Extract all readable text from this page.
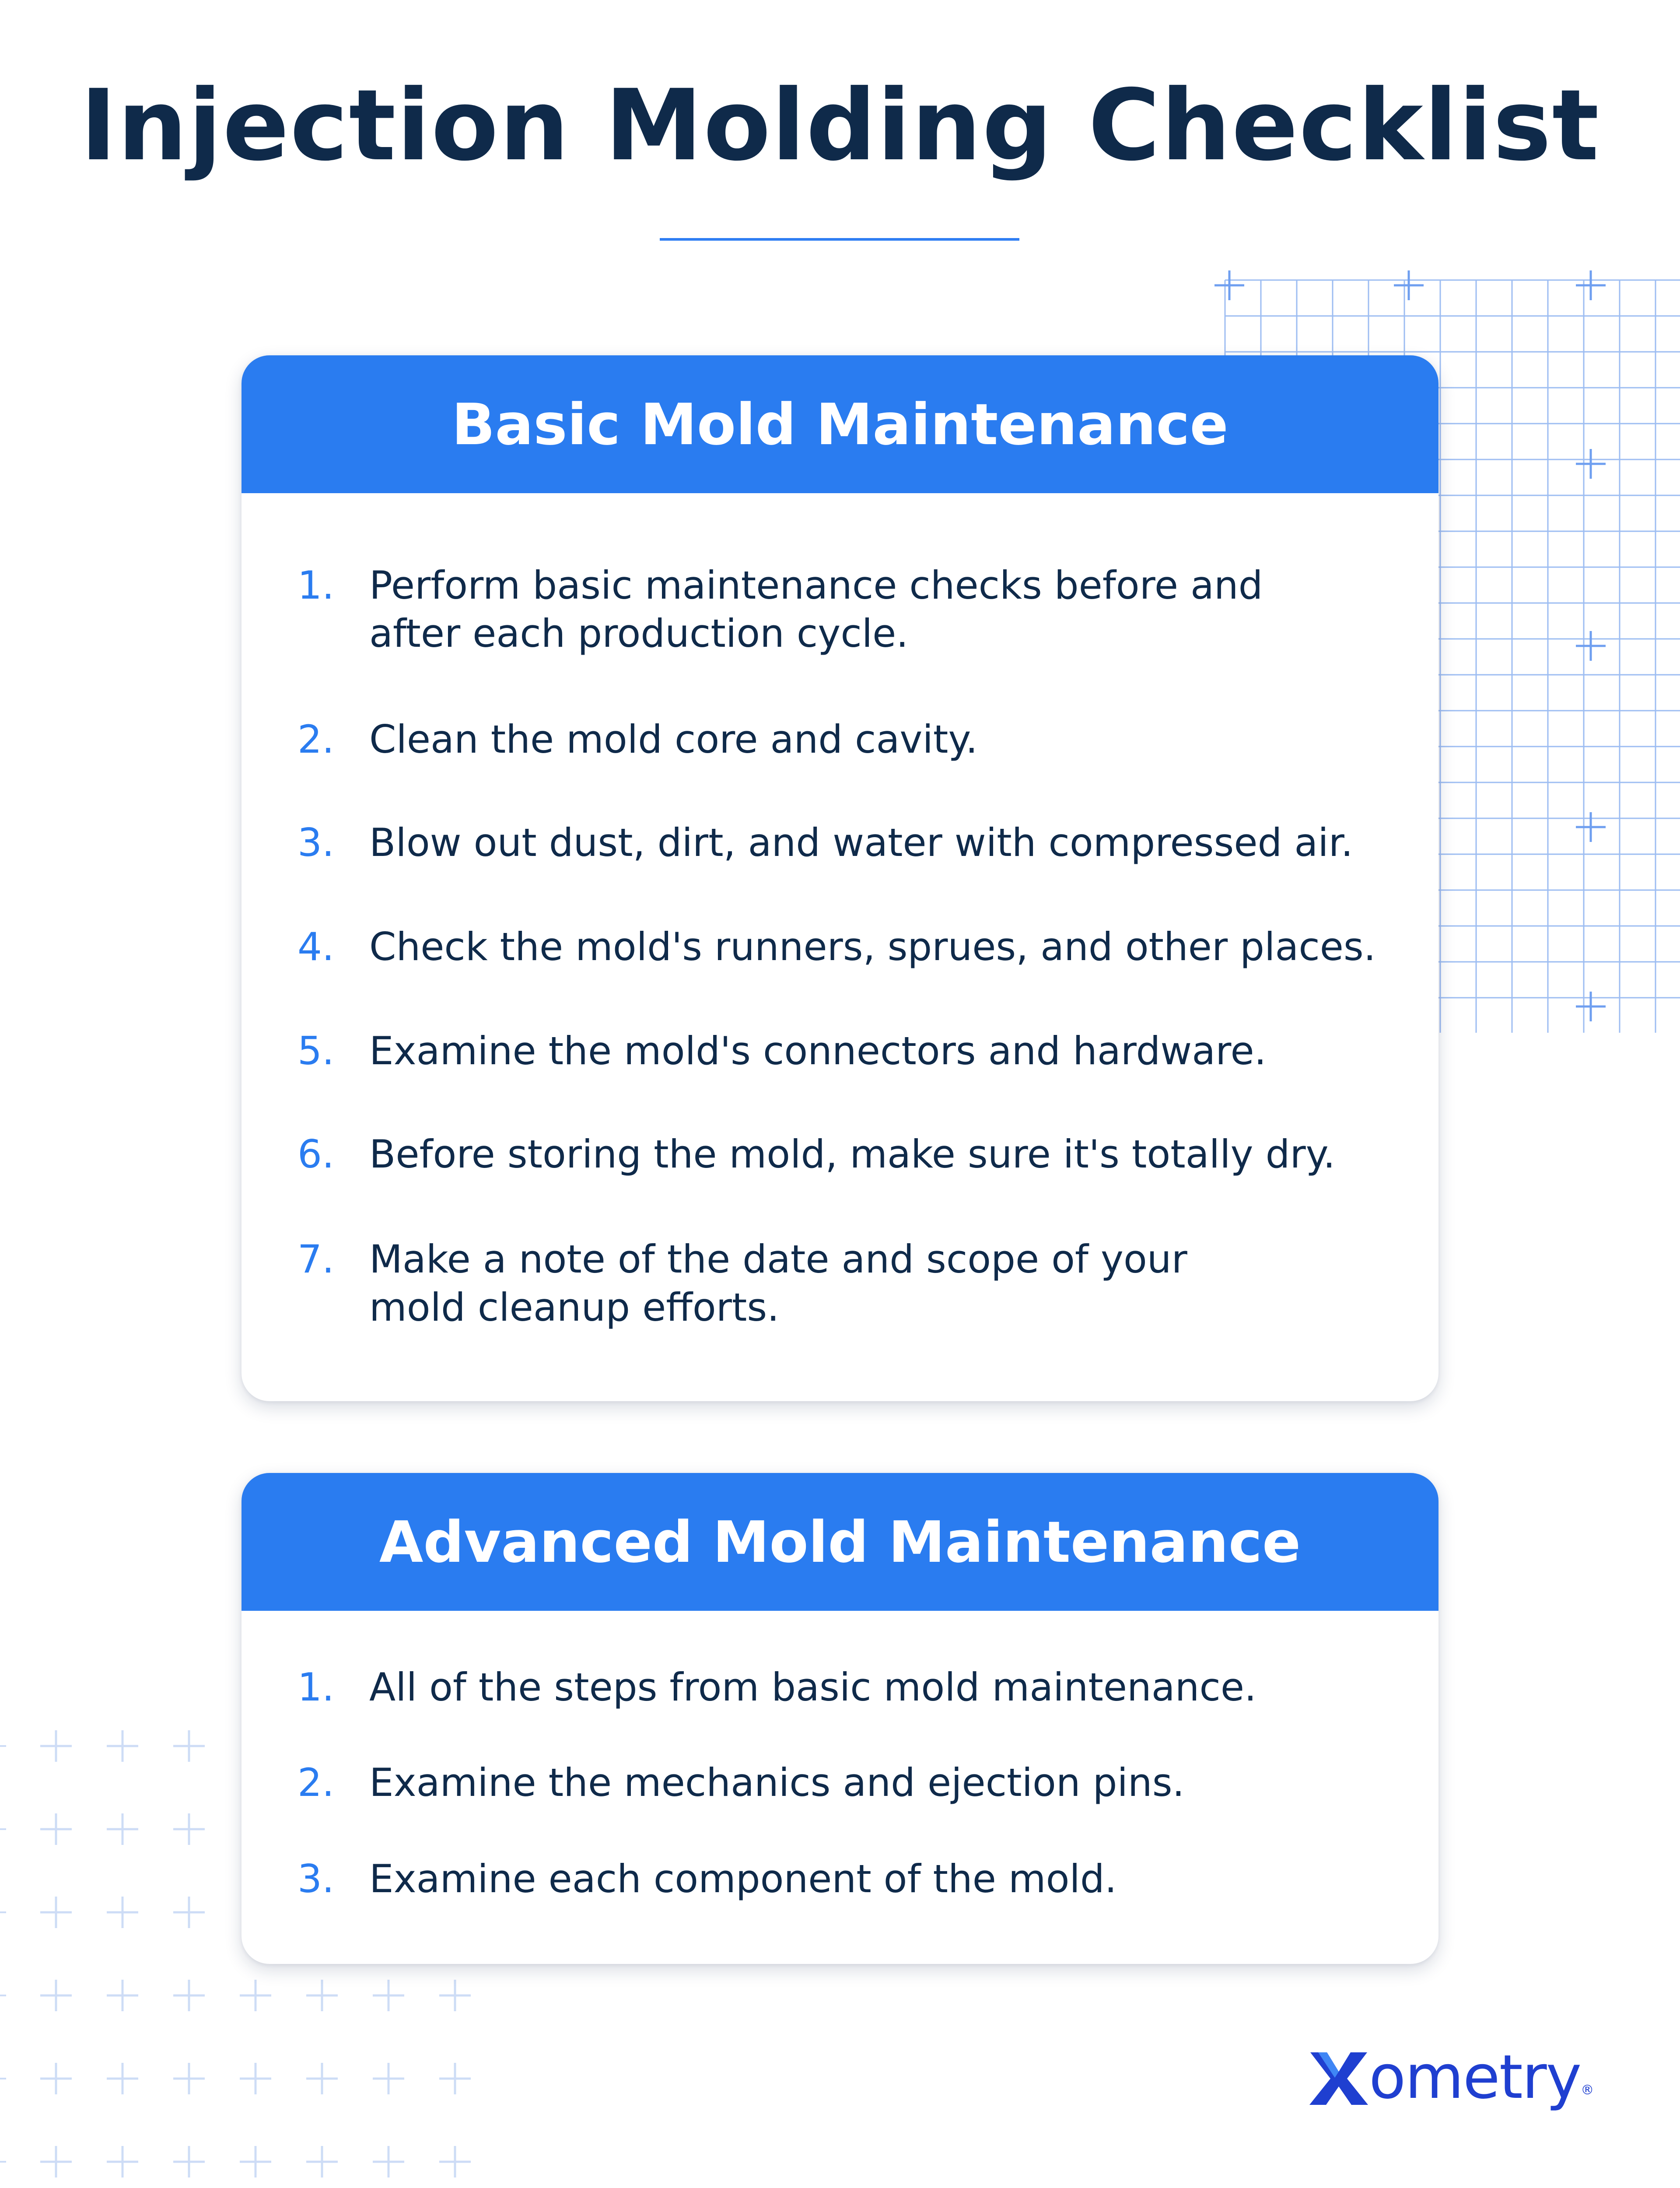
Injection Molding Checklist
Basic Mold Maintenance
1. Perform basic maintenance checks before and
after each production cycle.
2. Clean the mold core and cavity.
3. Blow out dust, dirt, and water with compressed air.
4. Check the mold's runners, sprues, and other places.
5. Examine the mold's connectors and hardware.
6. Before storing the mold, make sure it's totally dry.
7. Make a note of the date and scope of your
mold cleanup efforts.
Advanced Mold Maintenance
1. All of the steps from basic mold maintenance.
2. Examine the mechanics and ejection pins.
3. Examine each component of the mold.
ometry ®
